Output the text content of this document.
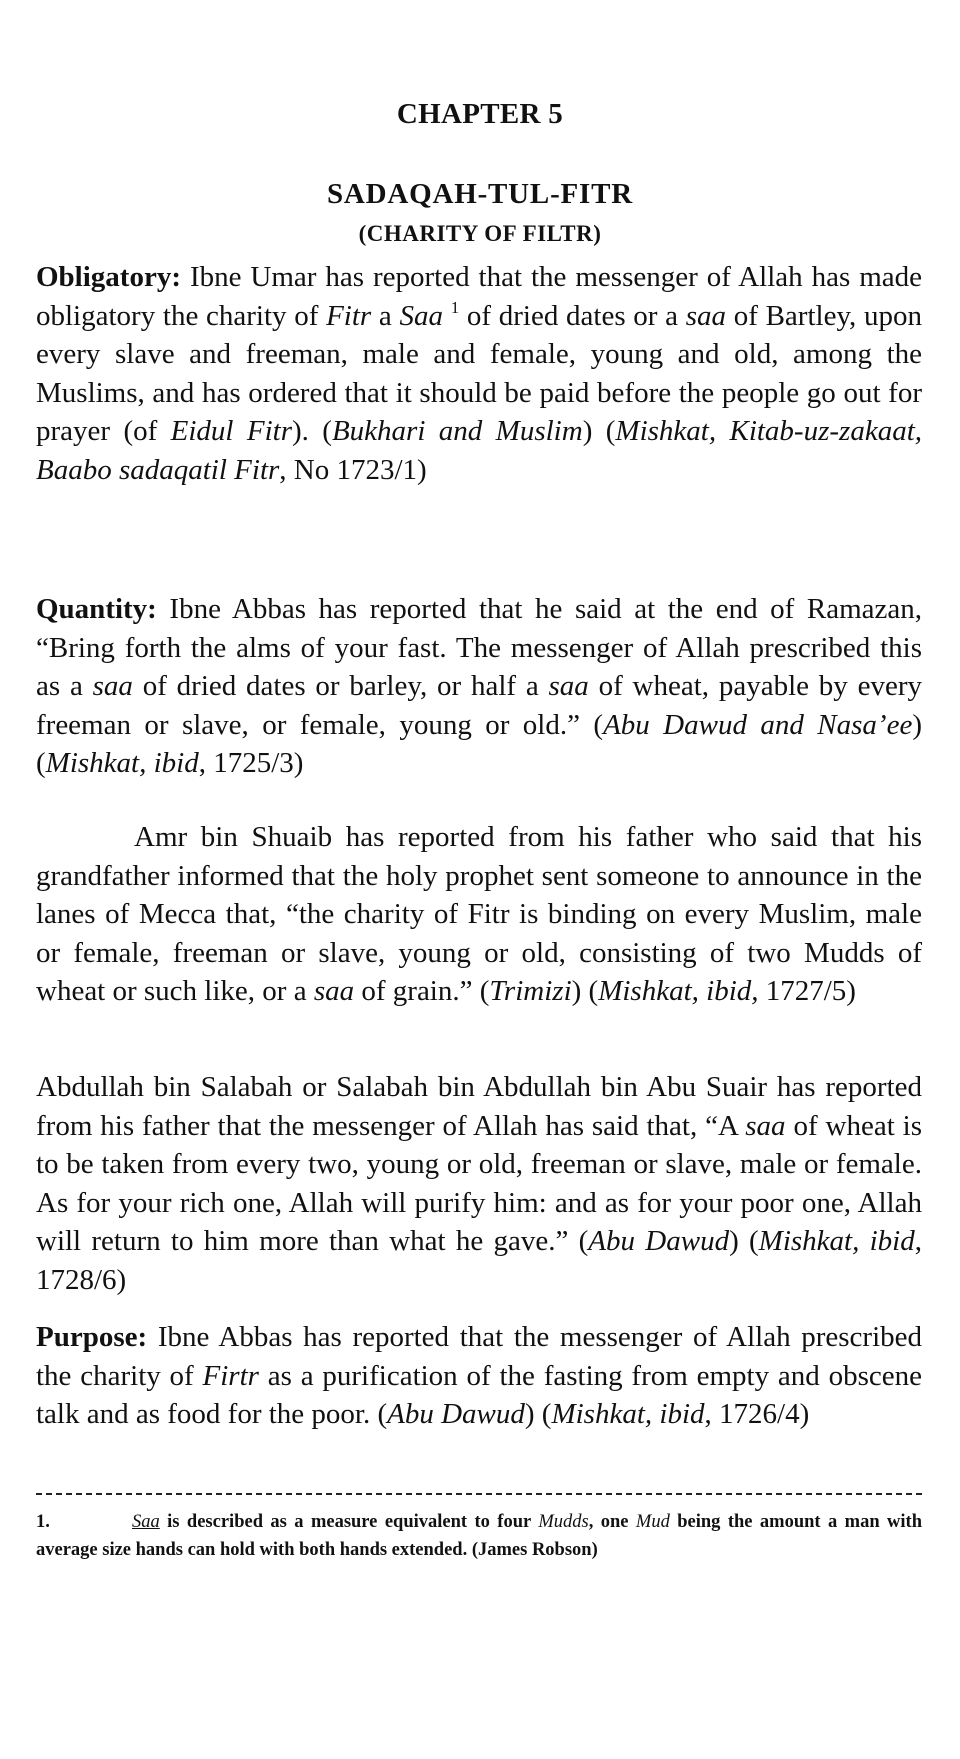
CHAPTER 5
SADAQAH-TUL-FITR
(CHARITY OF FILTR)

Obligatory: Ibne Umar has reported that the messenger of Allah has made obligatory the charity of Fitr a Saa $^1$ of dried dates or a saa of Bartley, upon every slave and freeman, male and female, young and old, among the Muslims, and has ordered that it should be paid before the people go out for prayer (of Eidul Fitr). (Bukhari and Muslim) (Mishkat, Kitab-uz-zakaat, Baabo sadaqatil Fitr, No 1723/1)

Quantity: Ibne Abbas has reported that he said at the end of Ramazan, “Bring forth the alms of your fast. The messenger of Allah prescribed this as a saa of dried dates or barley, or half a saa of wheat, payable by every freeman or slave, or female, young or old.” (Abu Dawud and Nasa’ee) (Mishkat, ibid, 1725/3)

Amr bin Shuaib has reported from his father who said that his grandfather informed that the holy prophet sent someone to announce in the lanes of Mecca that, “the charity of Fitr is binding on every Muslim, male or female, freeman or slave, young or old, consisting of two Mudds of wheat or such like, or a saa of grain.” (Trimizi) (Mishkat, ibid, 1727/5)

Abdullah bin Salabah or Salabah bin Abdullah bin Abu Suair has reported from his father that the messenger of Allah has said that, “A saa of wheat is to be taken from every two, young or old, freeman or slave, male or female. As for your rich one, Allah will purify him: and as for your poor one, Allah will return to him more than what he gave.” (Abu Dawud) (Mishkat, ibid, 1728/6)

Purpose: Ibne Abbas has reported that the messenger of Allah prescribed the charity of Firtr as a purification of the fasting from empty and obscene talk and as food for the poor. (Abu Dawud) (Mishkat, ibid, 1726/4)

1.	Saa is described as a measure equivalent to four Mudds, one Mud being the amount a man with average size hands can hold with both hands extended. (James Robson)
